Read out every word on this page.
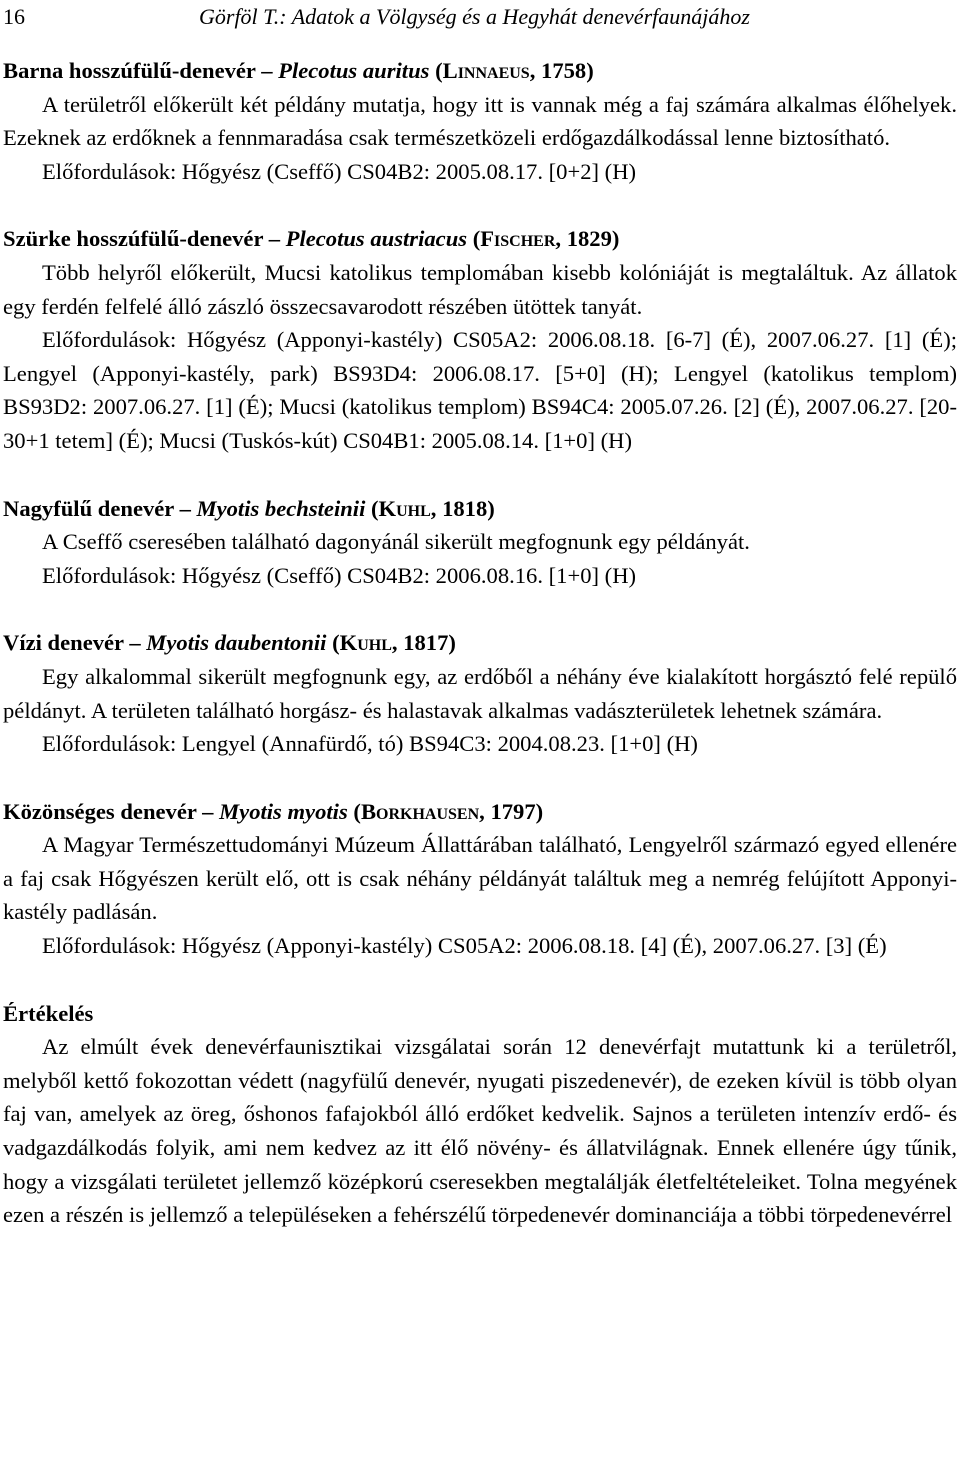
16	Görföl T.: Adatok a Völgység és a Hegyhát denevérfaunájához
Barna hosszúfülű-denevér – Plecotus auritus (Linnaeus, 1758)

A területről előkerült két példány mutatja, hogy itt is vannak még a faj számára alkalmas élőhelyek. Ezeknek az erdőknek a fennmaradása csak természetközeli erdőgazdálkodással lenne biztosítható.

Előfordulások: Hőgyész (Cseffő) CS04B2: 2005.08.17. [0+2] (H)

Szürke hosszúfülű-denevér – Plecotus austriacus (Fischer, 1829)

Több helyről előkerült, Mucsi katolikus templomában kisebb kolóniáját is megtaláltuk. Az állatok egy ferdén felfelé álló zászló összecsavarodott részében ütöttek tanyát.

Előfordulások: Hőgyész (Apponyi-kastély) CS05A2: 2006.08.18. [6-7] (É), 2007.06.27. [1] (É); Lengyel (Apponyi-kastély, park) BS93D4: 2006.08.17. [5+0] (H); Lengyel (katolikus templom) BS93D2: 2007.06.27. [1] (É); Mucsi (katolikus templom) BS94C4: 2005.07.26. [2] (É), 2007.06.27. [20-30+1 tetem] (É); Mucsi (Tuskós-kút) CS04B1: 2005.08.14. [1+0] (H)

Nagyfülű denevér – Myotis bechsteinii (Kuhl, 1818)

A Cseffő cseresében található dagonyánál sikerült megfognunk egy példányát.

Előfordulások: Hőgyész (Cseffő) CS04B2: 2006.08.16. [1+0] (H)

Vízi denevér – Myotis daubentonii (Kuhl, 1817)

Egy alkalommal sikerült megfognunk egy, az erdőből a néhány éve kialakított horgásztó felé repülő példányt. A területen található horgász- és halastavak alkalmas vadászterületek lehetnek számára.

Előfordulások: Lengyel (Annafürdő, tó) BS94C3: 2004.08.23. [1+0] (H)

Közönséges denevér – Myotis myotis (Borkhausen, 1797)

A Magyar Természettudományi Múzeum Állattárában található, Lengyelről származó egyed ellenére a faj csak Hőgyészen került elő, ott is csak néhány példányát találtuk meg a nemrég felújított Apponyi-kastély padlásán.

Előfordulások: Hőgyész (Apponyi-kastély) CS05A2: 2006.08.18. [4] (É), 2007.06.27. [3] (É)

Értékelés

Az elmúlt évek denevérfaunisztikai vizsgálatai során 12 denevérfajt mutattunk ki a területről, melyből kettő fokozottan védett (nagyfülű denevér, nyugati piszedenevér), de ezeken kívül is több olyan faj van, amelyek az öreg, őshonos fafajokból álló erdőket kedvelik. Sajnos a területen intenzív erdő- és vadgazdálkodás folyik, ami nem kedvez az itt élő növény- és állatvilágnak. Ennek ellenére úgy tűnik, hogy a vizsgálati területet jellemző középkorú cseresekben megtalálják életfeltételeiket. Tolna megyének ezen a részén is jellemző a településeken a fehérszélű törpedenevér dominanciája a többi törpedenevérrel
